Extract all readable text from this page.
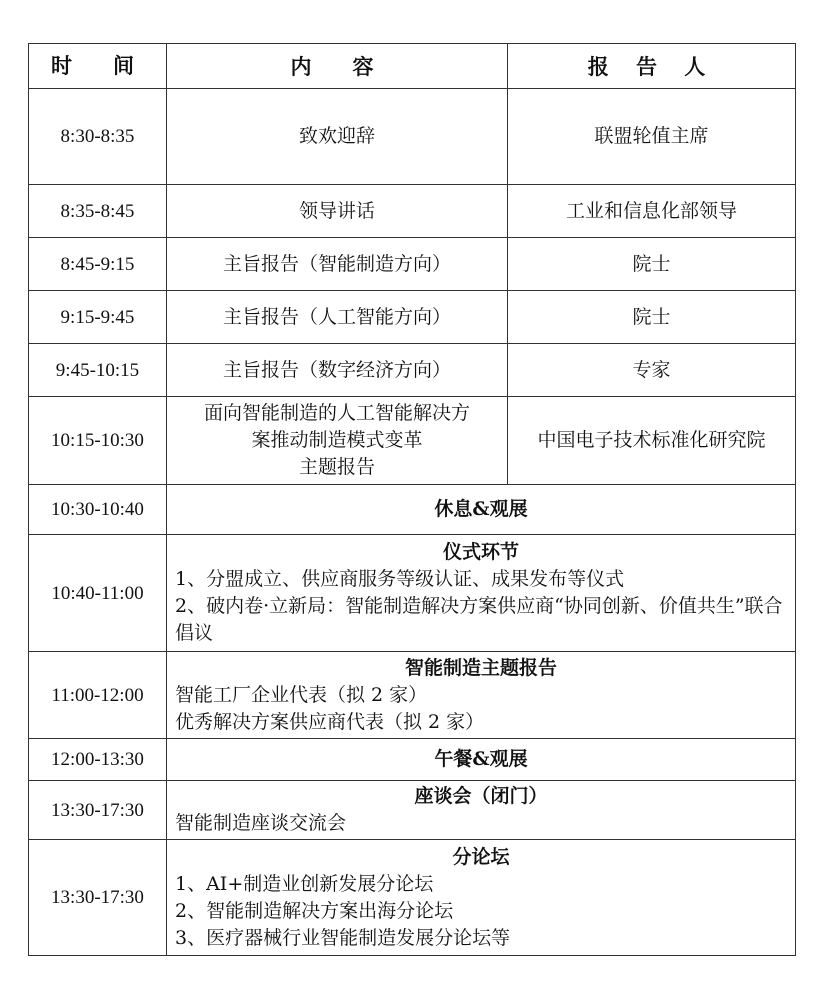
时　间	内　容	报 告 人
8:30-8:35	致欢迎辞	联盟轮值主席
8:35-8:45	领导讲话	工业和信息化部领导
8:45-9:15	主旨报告（智能制造方向）	院士
9:15-9:45	主旨报告（人工智能方向）	院士
9:45-10:15	主旨报告（数字经济方向）	专家
10:15-10:30	面向智能制造的人工智能解决方
案推动制造模式变革
主题报告	中国电子技术标准化研究院
10:30-10:40	休息&观展	
10:40-11:00	仪式环节
1、分盟成立、供应商服务等级认证、成果发布等仪式
2、破内卷·立新局：智能制造解决方案供应商“协同创新、价值共生”联合倡议	

11:00-12:00	智能制造主题报告
智能工厂企业代表（拟 2 家）
优秀解决方案供应商代表（拟 2 家）	

12:00-13:30	午餐&观展	
13:30-17:30	座谈会（闭门）
智能制造座谈交流会	

13:30-17:30	分论坛
1、AI+制造业创新发展分论坛
2、智能制造解决方案出海分论坛
3、医疗器械行业智能制造发展分论坛等	
